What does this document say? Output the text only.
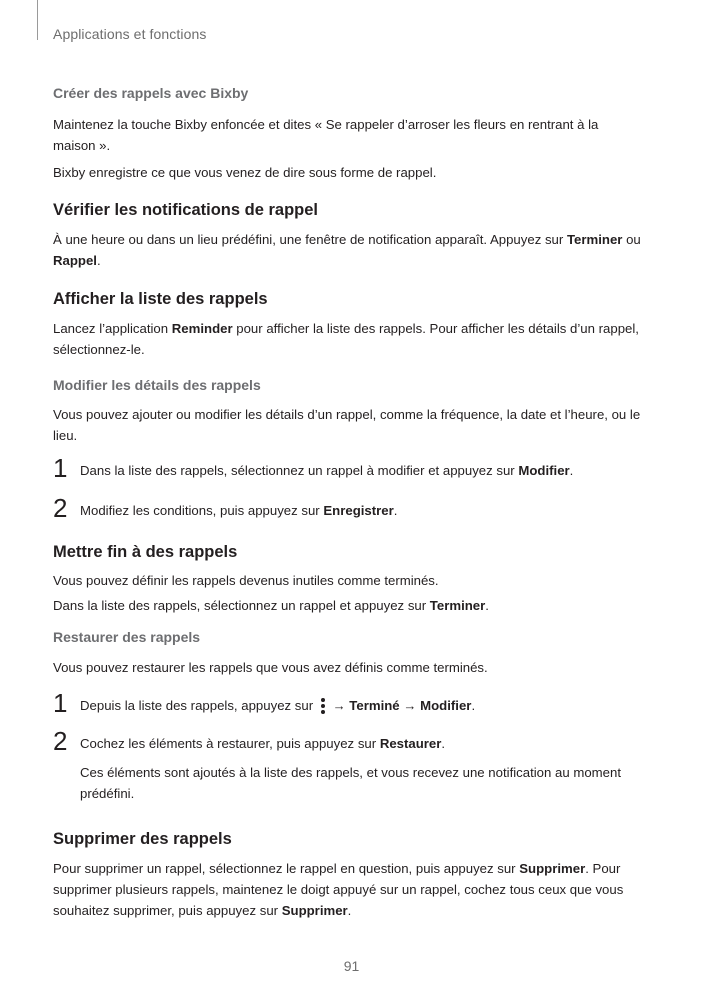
Applications et fonctions

Créer des rappels avec Bixby

Maintenez la touche Bixby enfoncée et dites « Se rappeler d’arroser les fleurs en rentrant à la maison ».

Bixby enregistre ce que vous venez de dire sous forme de rappel.

Vérifier les notifications de rappel

À une heure ou dans un lieu prédéfini, une fenêtre de notification apparaît. Appuyez sur Terminer ou Rappel.

Afficher la liste des rappels

Lancez l’application Reminder pour afficher la liste des rappels. Pour afficher les détails d’un rappel, sélectionnez-le.

Modifier les détails des rappels

Vous pouvez ajouter ou modifier les détails d’un rappel, comme la fréquence, la date et l’heure, ou le lieu.

1 Dans la liste des rappels, sélectionnez un rappel à modifier et appuyez sur Modifier.

2 Modifiez les conditions, puis appuyez sur Enregistrer.

Mettre fin à des rappels

Vous pouvez définir les rappels devenus inutiles comme terminés.

Dans la liste des rappels, sélectionnez un rappel et appuyez sur Terminer.

Restaurer des rappels

Vous pouvez restaurer les rappels que vous avez définis comme terminés.

1 Depuis la liste des rappels, appuyez sur
→ Terminé → Modifier.

2 Cochez les éléments à restaurer, puis appuyez sur Restaurer.

Ces éléments sont ajoutés à la liste des rappels, et vous recevez une notification au moment prédéfini.

Supprimer des rappels

Pour supprimer un rappel, sélectionnez le rappel en question, puis appuyez sur Supprimer. Pour supprimer plusieurs rappels, maintenez le doigt appuyé sur un rappel, cochez tous ceux que vous souhaitez supprimer, puis appuyez sur Supprimer.

91
